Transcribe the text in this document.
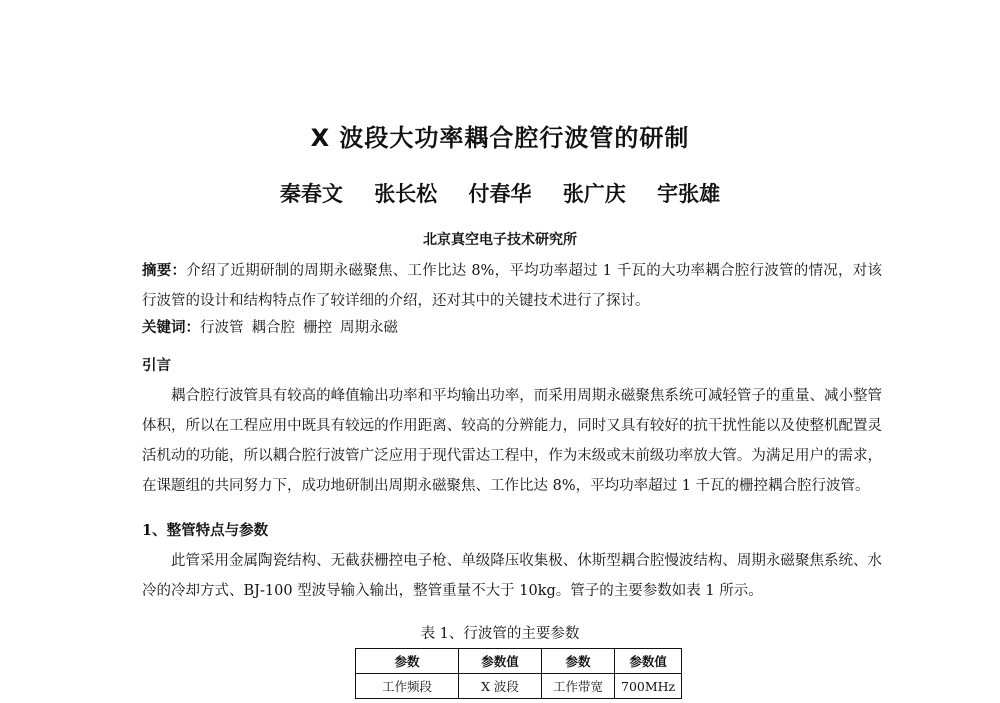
X 波段大功率耦合腔行波管的研制
秦春文 张长松 付春华 张广庆 宇张雄
北京真空电子技术研究所
摘要：介绍了近期研制的周期永磁聚焦、工作比达 8%，平均功率超过 1 千瓦的大功率耦合腔行波管的情况，对该行波管的设计和结构特点作了较详细的介绍，还对其中的关键技术进行了探讨。
关键词：行波管 耦合腔 栅控 周期永磁
引言
耦合腔行波管具有较高的峰值输出功率和平均输出功率，而采用周期永磁聚焦系统可减轻管子的重量、减小整管体积，所以在工程应用中既具有较远的作用距离、较高的分辨能力，同时又具有较好的抗干扰性能以及使整机配置灵活机动的功能，所以耦合腔行波管广泛应用于现代雷达工程中，作为末级或末前级功率放大管。为满足用户的需求，在课题组的共同努力下，成功地研制出周期永磁聚焦、工作比达 8%，平均功率超过 1 千瓦的栅控耦合腔行波管。
1、整管特点与参数
此管采用金属陶瓷结构、无截获栅控电子枪、单级降压收集极、休斯型耦合腔慢波结构、周期永磁聚焦系统、水冷的冷却方式、BJ-100 型波导输入输出，整管重量不大于 10kg。管子的主要参数如表 1 所示。
表 1、行波管的主要参数
参数	参数值	参数	参数值
工作频段	X 波段	工作带宽	700MHz
